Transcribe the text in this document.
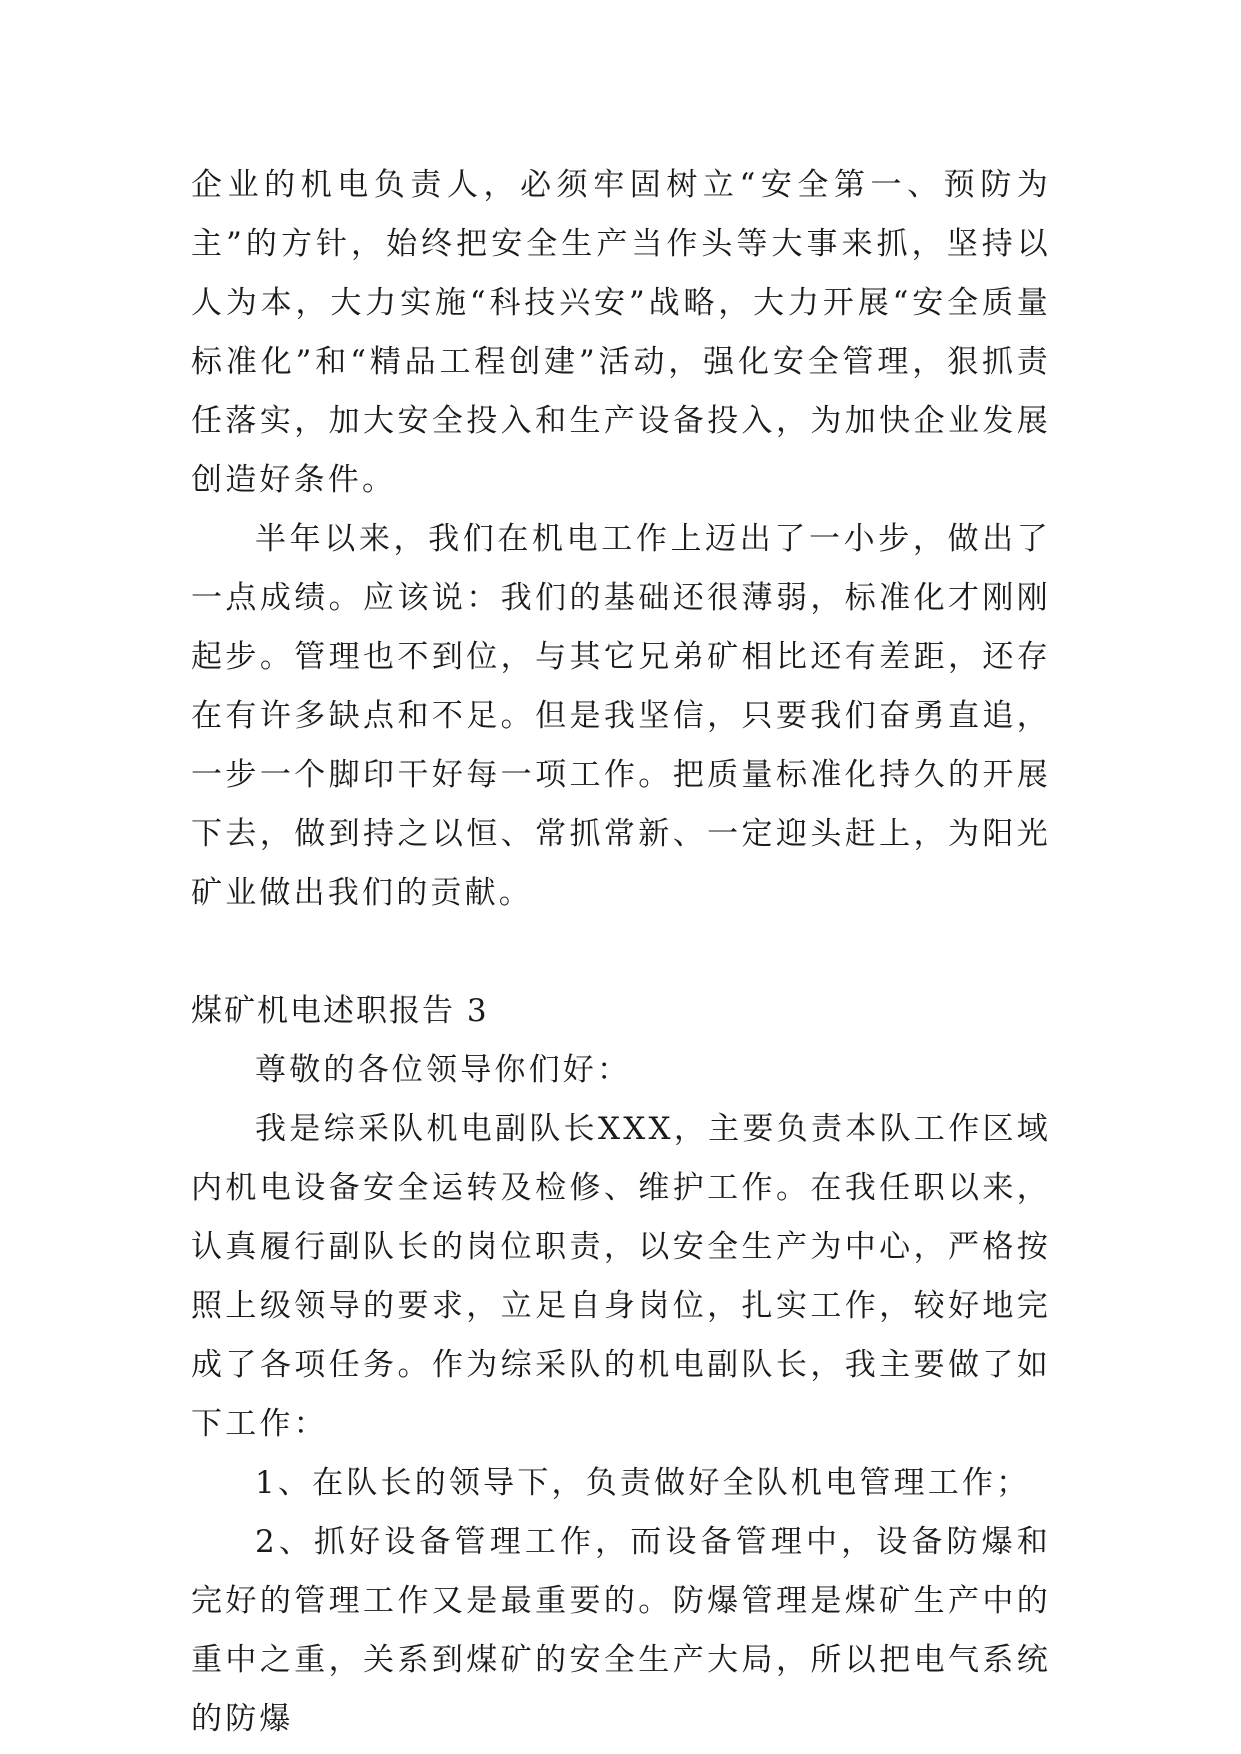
企业的机电负责人，必须牢固树立“安全第一、预防为主”的方针，始终把安全生产当作头等大事来抓，坚持以人为本，大力实施“科技兴安”战略，大力开展“安全质量标准化”和“精品工程创建”活动，强化安全管理，狠抓责任落实，加大安全投入和生产设备投入，为加快企业发展创造好条件。

半年以来，我们在机电工作上迈出了一小步，做出了一点成绩。应该说：我们的基础还很薄弱，标准化才刚刚起步。管理也不到位，与其它兄弟矿相比还有差距，还存在有许多缺点和不足。但是我坚信，只要我们奋勇直追，一步一个脚印干好每一项工作。把质量标准化持久的开展下去，做到持之以恒、常抓常新、一定迎头赶上，为阳光矿业做出我们的贡献。

煤矿机电述职报告 3

尊敬的各位领导你们好：

我是综采队机电副队长XXX，主要负责本队工作区域内机电设备安全运转及检修、维护工作。在我任职以来，认真履行副队长的岗位职责，以安全生产为中心，严格按照上级领导的要求，立足自身岗位，扎实工作，较好地完成了各项任务。作为综采队的机电副队长，我主要做了如下工作：

1、在队长的领导下，负责做好全队机电管理工作；

2、抓好设备管理工作，而设备管理中，设备防爆和完好的管理工作又是最重要的。防爆管理是煤矿生产中的重中之重，关系到煤矿的安全生产大局，所以把电气系统的防爆
